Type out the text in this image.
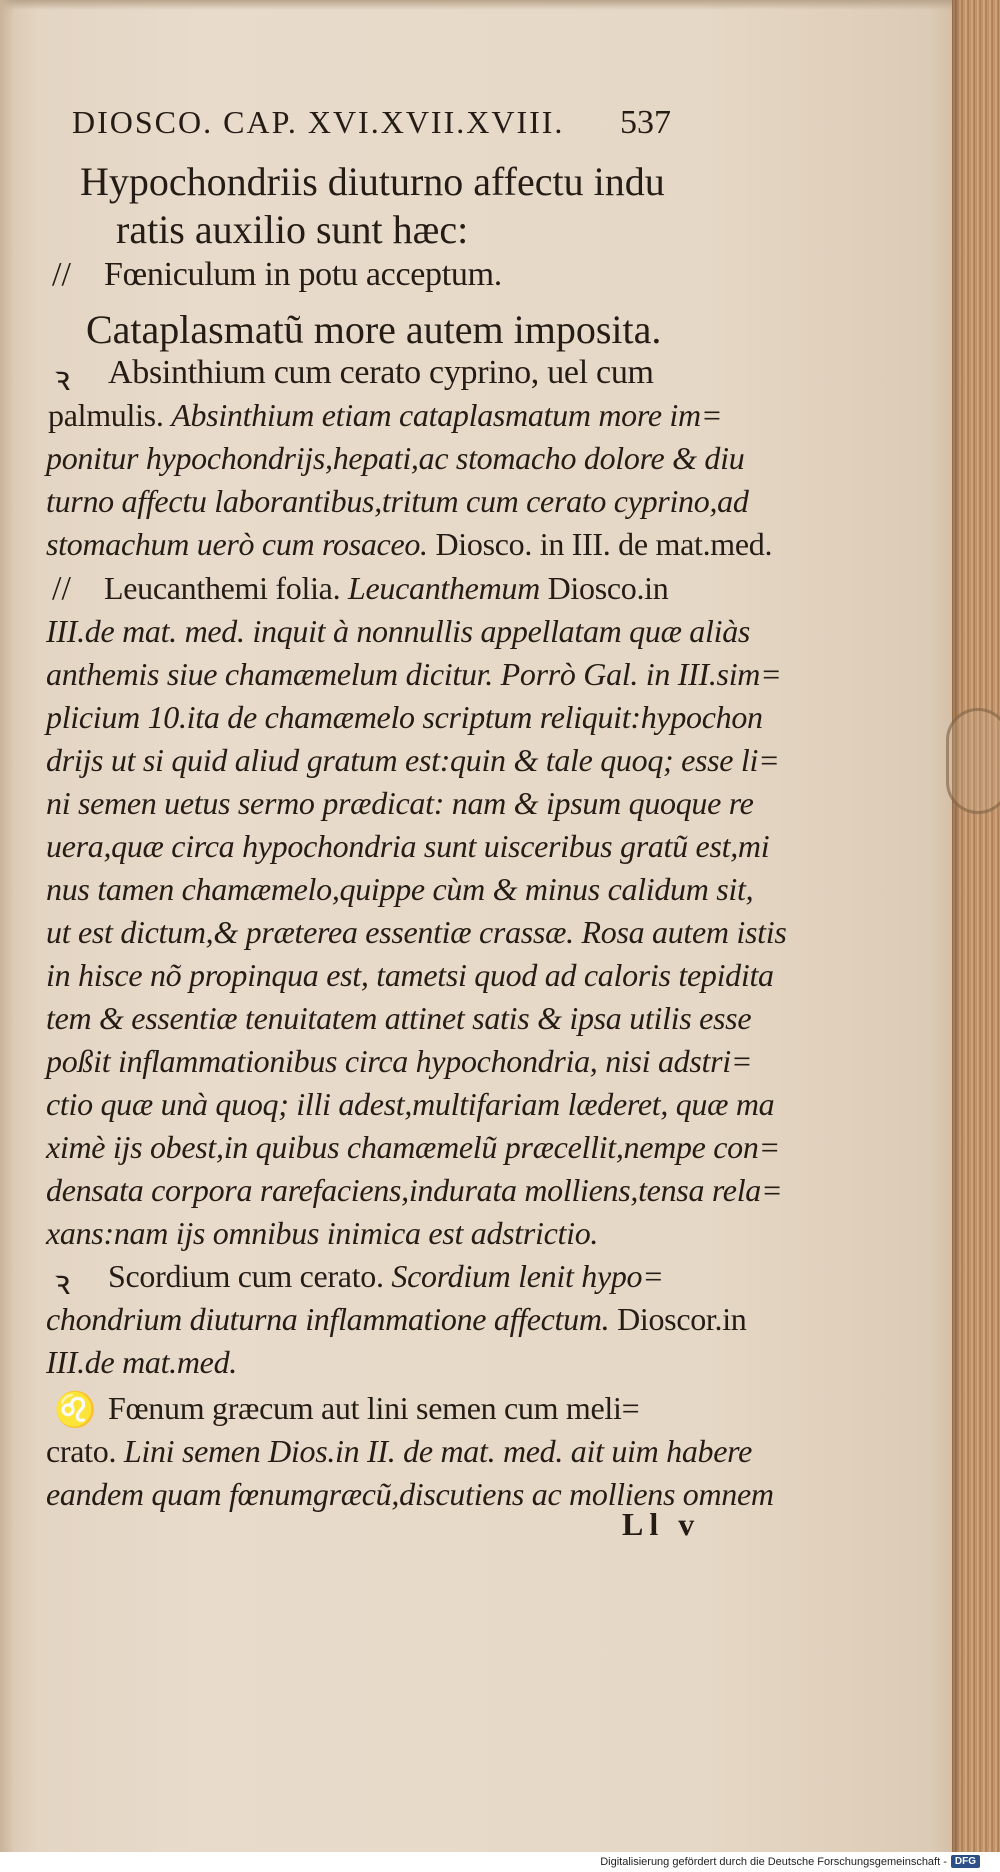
DIOSCO. CAP. XVI.XVII.XVIII. 537
Hypochondriis diuturno affectu indu
ratis auxilio sunt hæc:
// Fœniculum in potu acceptum.
Cataplasmatũ more autem imposita.
ꝛ Absinthium cum cerato cyprino, uel cum
palmulis. Absinthium etiam cataplasmatum more im=
ponitur hypochondrijs,hepati,ac stomacho dolore & diu
turno affectu laborantibus,tritum cum cerato cyprino,ad
stomachum uerò cum rosaceo. Diosco. in III. de mat.med.
// Leucanthemi folia. Leucanthemum Diosco.in
III.de mat. med. inquit à nonnullis appellatam quæ aliàs
anthemis siue chamæmelum dicitur. Porrò Gal. in III.sim=
plicium 10.ita de chamæmelo scriptum reliquit:hypochon
drijs ut si quid aliud gratum est:quin & tale quoq; esse li=
ni semen uetus sermo prædicat: nam & ipsum quoque re
uera,quæ circa hypochondria sunt uisceribus gratũ est,mi
nus tamen chamæmelo,quippe cùm & minus calidum sit,
ut est dictum,& præterea essentiæ crassæ. Rosa autem istis
in hisce nõ propinqua est, tametsi quod ad caloris tepidita
tem & essentiæ tenuitatem attinet satis & ipsa utilis esse
poßit inflammationibus circa hypochondria, nisi adstri=
ctio quæ unà quoq; illi adest,multifariam læderet, quæ ma
ximè ijs obest,in quibus chamæmelũ præcellit,nempe con=
densata corpora rarefaciens,indurata molliens,tensa rela=
xans:nam ijs omnibus inimica est adstrictio.
ꝛ Scordium cum cerato. Scordium lenit hypo=
chondrium diuturna inflammatione affectum. Dioscor.in
III.de mat.med.
♌ Fœnum græcum aut lini semen cum meli=
crato. Lini semen Dios.in II. de mat. med. ait uim habere
eandem quam fœnumgræcũ,discutiens ac molliens omnem
Ll v
Digitalisierung gefördert durch die Deutsche Forschungsgemeinschaft - DFG
